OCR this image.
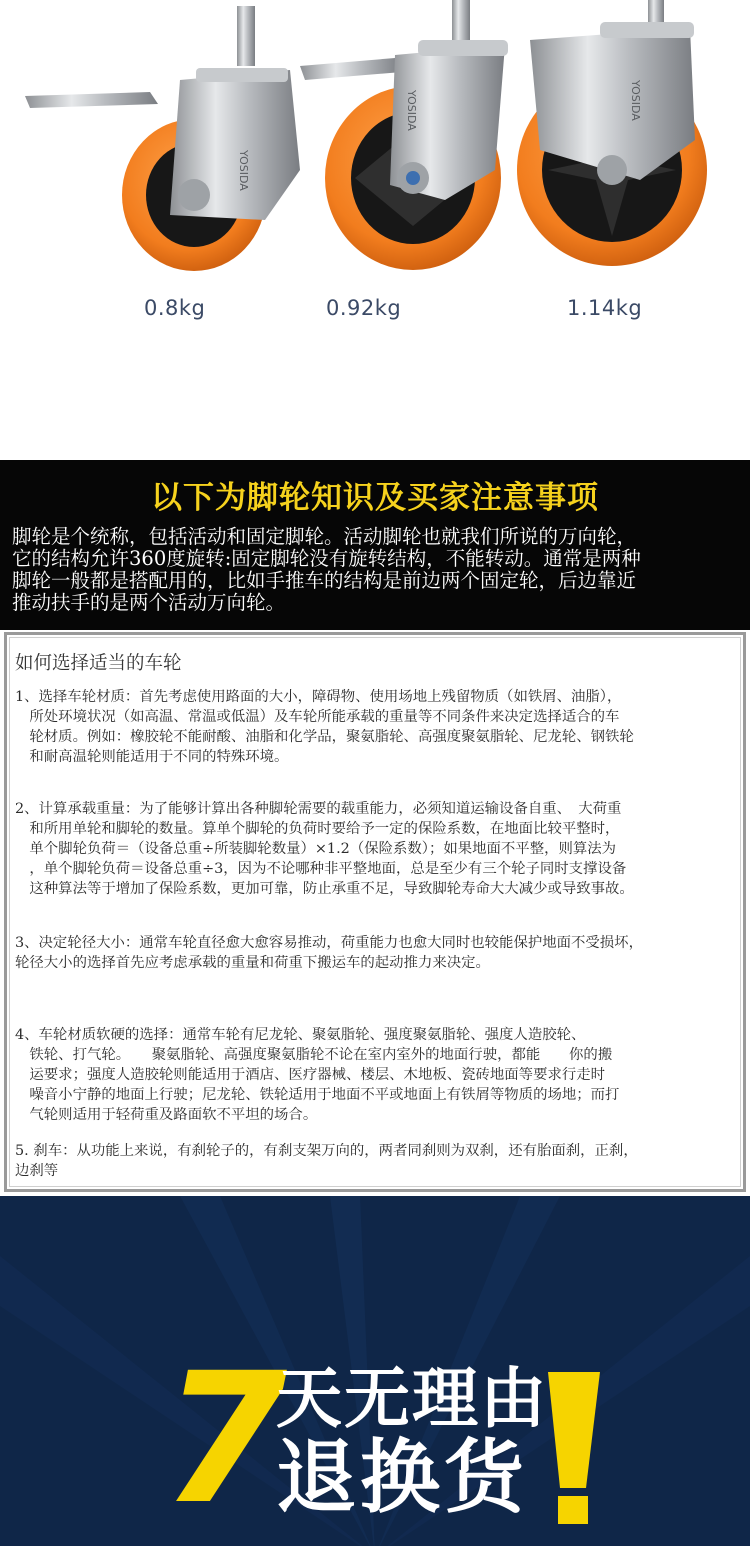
YOSIDA
YOSIDA	YOSIDA
0.8kg	0.92kg	1.14kg
以下为脚轮知识及买家注意事项
脚轮是个统称，包括活动和固定脚轮。活动脚轮也就我们所说的万向轮，
它的结构允许360度旋转:固定脚轮没有旋转结构，不能转动。通常是两种
脚轮一般都是搭配用的，比如手推车的结构是前边两个固定轮，后边靠近
推动扶手的是两个活动万向轮。
如何选择适当的车轮
1、选择车轮材质：首先考虑使用路面的大小，障碍物、使用场地上残留物质（如铁屑、油脂），
　所处环境状况（如高温、常温或低温）及车轮所能承载的重量等不同条件来决定选择适合的车
　轮材质。例如：橡胶轮不能耐酸、油脂和化学品，聚氨脂轮、高强度聚氨脂轮、尼龙轮、钢铁轮
　和耐高温轮则能适用于不同的特殊环境。
2、计算承载重量：为了能够计算出各种脚轮需要的载重能力，必须知道运输设备自重、　大荷重
　和所用单轮和脚轮的数量。算单个脚轮的负荷时要给予一定的保险系数，在地面比较平整时，
　单个脚轮负荷＝（设备总重÷所装脚轮数量）×1.2（保险系数）；如果地面不平整，则算法为
　，单个脚轮负荷＝设备总重÷3，因为不论哪种非平整地面，总是至少有三个轮子同时支撑设备
　这种算法等于增加了保险系数，更加可靠，防止承重不足，导致脚轮寿命大大减少或导致事故。
3、决定轮径大小：通常车轮直径愈大愈容易推动，荷重能力也愈大同时也较能保护地面不受损坏，
轮径大小的选择首先应考虑承载的重量和荷重下搬运车的起动推力来决定。
4、车轮材质软硬的选择：通常车轮有尼龙轮、聚氨脂轮、强度聚氨脂轮、强度人造胶轮、
　铁轮、打气轮。　　聚氨脂轮、高强度聚氨脂轮不论在室内室外的地面行驶，都能　　你的搬
　运要求；强度人造胶轮则能适用于酒店、医疗器械、楼层、木地板、瓷砖地面等要求行走时
　噪音小宁静的地面上行驶；尼龙轮、铁轮适用于地面不平或地面上有铁屑等物质的场地；而打
　气轮则适用于轻荷重及路面软不平坦的场合。
5. 刹车：从功能上来说，有刹轮子的，有刹支架万向的，两者同刹则为双刹，还有胎面刹，正刹，
边刹等
7
天无理由
退换货
